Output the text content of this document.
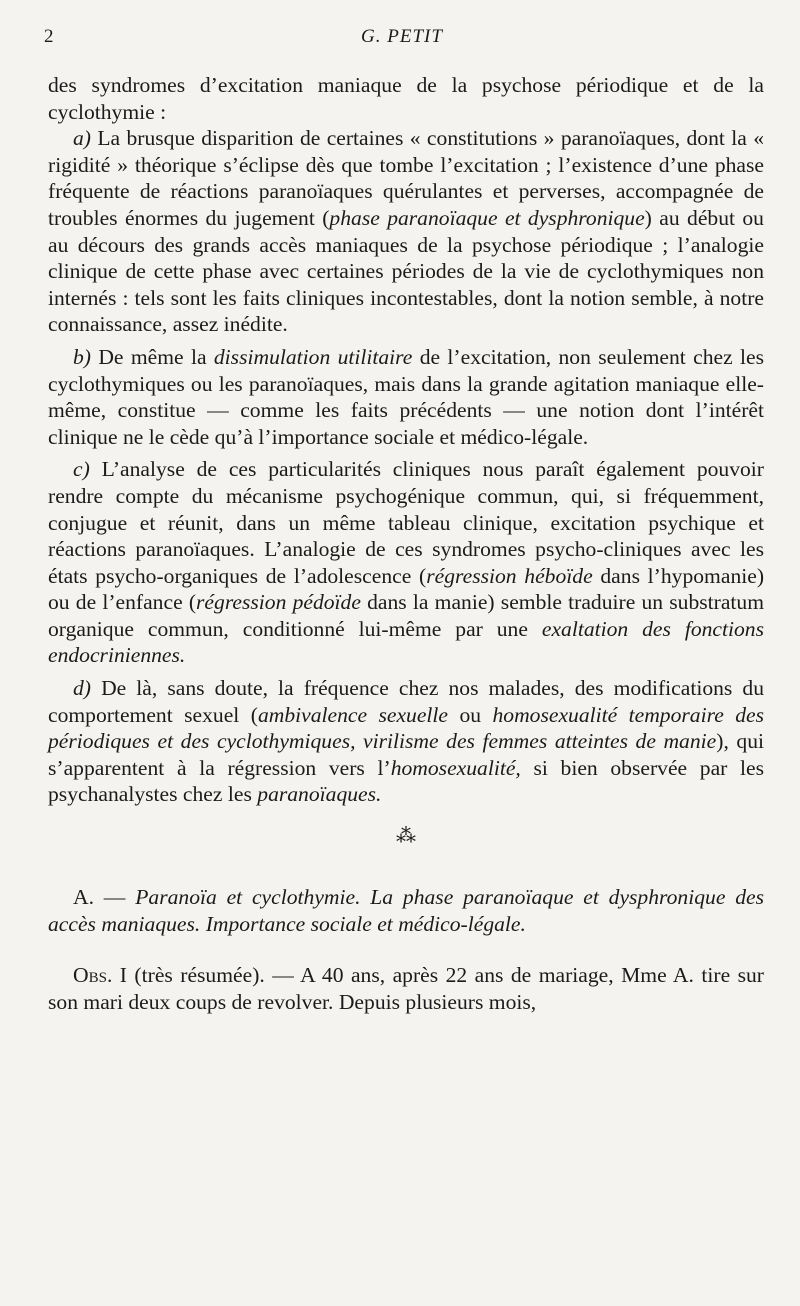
2	G. PETIT

des syndromes d’excitation maniaque de la psychose périodique et de la cyclothymie :

a) La brusque disparition de certaines « constitutions » paranoïaques, dont la « rigidité » théorique s’éclipse dès que tombe l’excitation ; l’existence d’une phase fréquente de réactions paranoïaques quérulantes et perverses, accompagnée de troubles énormes du jugement (phase paranoïaque et dysphronique) au début ou au décours des grands accès maniaques de la psychose périodique ; l’analogie clinique de cette phase avec certaines périodes de la vie de cyclothymiques non internés : tels sont les faits cliniques incontestables, dont la notion semble, à notre connaissance, assez inédite.

b) De même la dissimulation utilitaire de l’excitation, non seulement chez les cyclothymiques ou les paranoïaques, mais dans la grande agitation maniaque elle-même, constitue — comme les faits précédents — une notion dont l’intérêt clinique ne le cède qu’à l’importance sociale et médico-légale.

c) L’analyse de ces particularités cliniques nous paraît également pouvoir rendre compte du mécanisme psychogénique commun, qui, si fréquemment, conjugue et réunit, dans un même tableau clinique, excitation psychique et réactions paranoïaques. L’analogie de ces syndromes psycho-cliniques avec les états psycho-organiques de l’adolescence (régression héboïde dans l’hypomanie) ou de l’enfance (régression pédoïde dans la manie) semble traduire un substratum organique commun, conditionné lui-même par une exaltation des fonctions endocriniennes.

d) De là, sans doute, la fréquence chez nos malades, des modifications du comportement sexuel (ambivalence sexuelle ou homosexualité temporaire des périodiques et des cyclothymiques, virilisme des femmes atteintes de manie), qui s’apparentent à la régression vers l’homosexualité, si bien observée par les psychanalystes chez les paranoïaques.

⁂

A. — Paranoïa et cyclothymie. La phase paranoïaque et dysphronique des accès maniaques. Importance sociale et médico-légale.

Obs. I (très résumée). — A 40 ans, après 22 ans de mariage, Mme A. tire sur son mari deux coups de revolver. Depuis plusieurs mois,
